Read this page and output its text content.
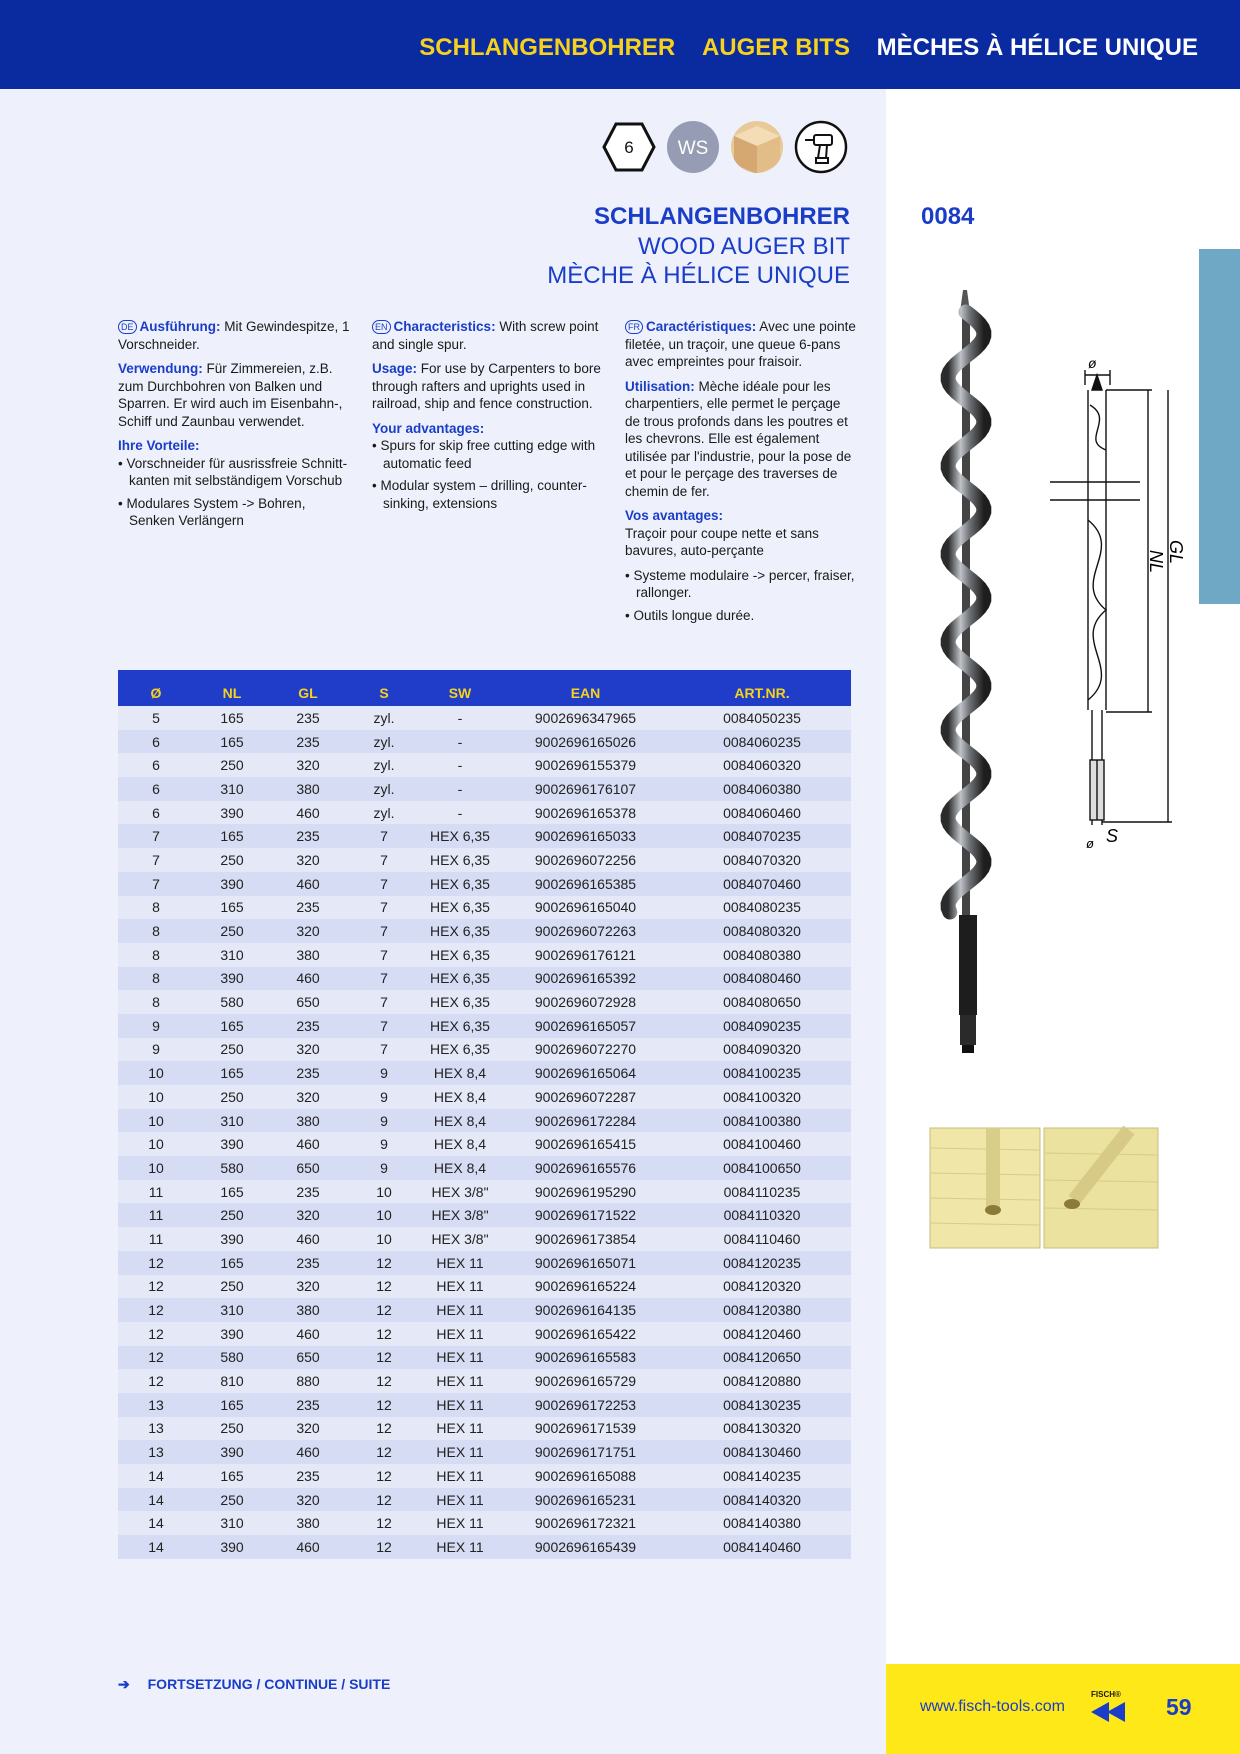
SCHLANGENBOHRER AUGER BITS MÈCHES À HÉLICE UNIQUE
6 WS
SCHLANGENBOHRER
WOOD AUGER BIT
MÈCHE À HÉLICE UNIQUE
0084

DE Ausführung: Mit Gewindespitze, 1 Vorschneider.

Verwendung: Für Zimmereien, z.B. zum Durchbohren von Balken und Sparren. Er wird auch im Eisenbahn-, Schiff und Zaunbau verwendet.

Ihre Vorteile:
• Vorschneider für ausrissfreie Schnitt-kanten mit selbständigem Vorschub
• Modulares System -> Bohren, Senken Verlängern

EN Characteristics: With screw point and single spur.

Usage: For use by Carpenters to bore through rafters and uprights used in railroad, ship and fence construction.

Your advantages:
• Spurs for skip free cutting edge with automatic feed
• Modular system – drilling, counter-sinking, extensions

FR Caractéristiques: Avec une pointe filetée, un traçoir, une queue 6-pans avec empreintes pour fraisoir.

Utilisation: Mèche idéale pour les charpentiers, elle permet le perçage de trous profonds dans les poutres et les chevrons. Elle est également utilisée par l'industrie, pour la pose de et pour le perçage des traverses de chemin de fer.

Vos avantages:

Traçoir pour coupe nette et sans bavures, auto-perçante

• Systeme modulaire -> percer, fraiser, rallonger.
• Outils longue durée.
Ø	NL	GL	S	SW	EAN	ART.NR.
5	165	235	zyl.	-	9002696347965	0084050235
6	165	235	zyl.	-	9002696165026	0084060235
6	250	320	zyl.	-	9002696155379	0084060320
6	310	380	zyl.	-	9002696176107	0084060380
6	390	460	zyl.	-	9002696165378	0084060460
7	165	235	7	HEX 6,35	9002696165033	0084070235
7	250	320	7	HEX 6,35	9002696072256	0084070320
7	390	460	7	HEX 6,35	9002696165385	0084070460
8	165	235	7	HEX 6,35	9002696165040	0084080235
8	250	320	7	HEX 6,35	9002696072263	0084080320
8	310	380	7	HEX 6,35	9002696176121	0084080380
8	390	460	7	HEX 6,35	9002696165392	0084080460
8	580	650	7	HEX 6,35	9002696072928	0084080650
9	165	235	7	HEX 6,35	9002696165057	0084090235
9	250	320	7	HEX 6,35	9002696072270	0084090320
10	165	235	9	HEX 8,4	9002696165064	0084100235
10	250	320	9	HEX 8,4	9002696072287	0084100320
10	310	380	9	HEX 8,4	9002696172284	0084100380
10	390	460	9	HEX 8,4	9002696165415	0084100460
10	580	650	9	HEX 8,4	9002696165576	0084100650
11	165	235	10	HEX 3/8"	9002696195290	0084110235
11	250	320	10	HEX 3/8"	9002696171522	0084110320
11	390	460	10	HEX 3/8"	9002696173854	0084110460
12	165	235	12	HEX 11	9002696165071	0084120235
12	250	320	12	HEX 11	9002696165224	0084120320
12	310	380	12	HEX 11	9002696164135	0084120380
12	390	460	12	HEX 11	9002696165422	0084120460
12	580	650	12	HEX 11	9002696165583	0084120650
12	810	880	12	HEX 11	9002696165729	0084120880
13	165	235	12	HEX 11	9002696172253	0084130235
13	250	320	12	HEX 11	9002696171539	0084130320
13	390	460	12	HEX 11	9002696171751	0084130460
14	165	235	12	HEX 11	9002696165088	0084140235
14	250	320	12	HEX 11	9002696165231	0084140320
14	310	380	12	HEX 11	9002696172321	0084140380
14	390	460	12	HEX 11	9002696165439	0084140460
ø
NL GL
S
ø
➔ FORTSETZUNG / CONTINUE / SUITE
www.fisch-tools.com
FISCH® 59
